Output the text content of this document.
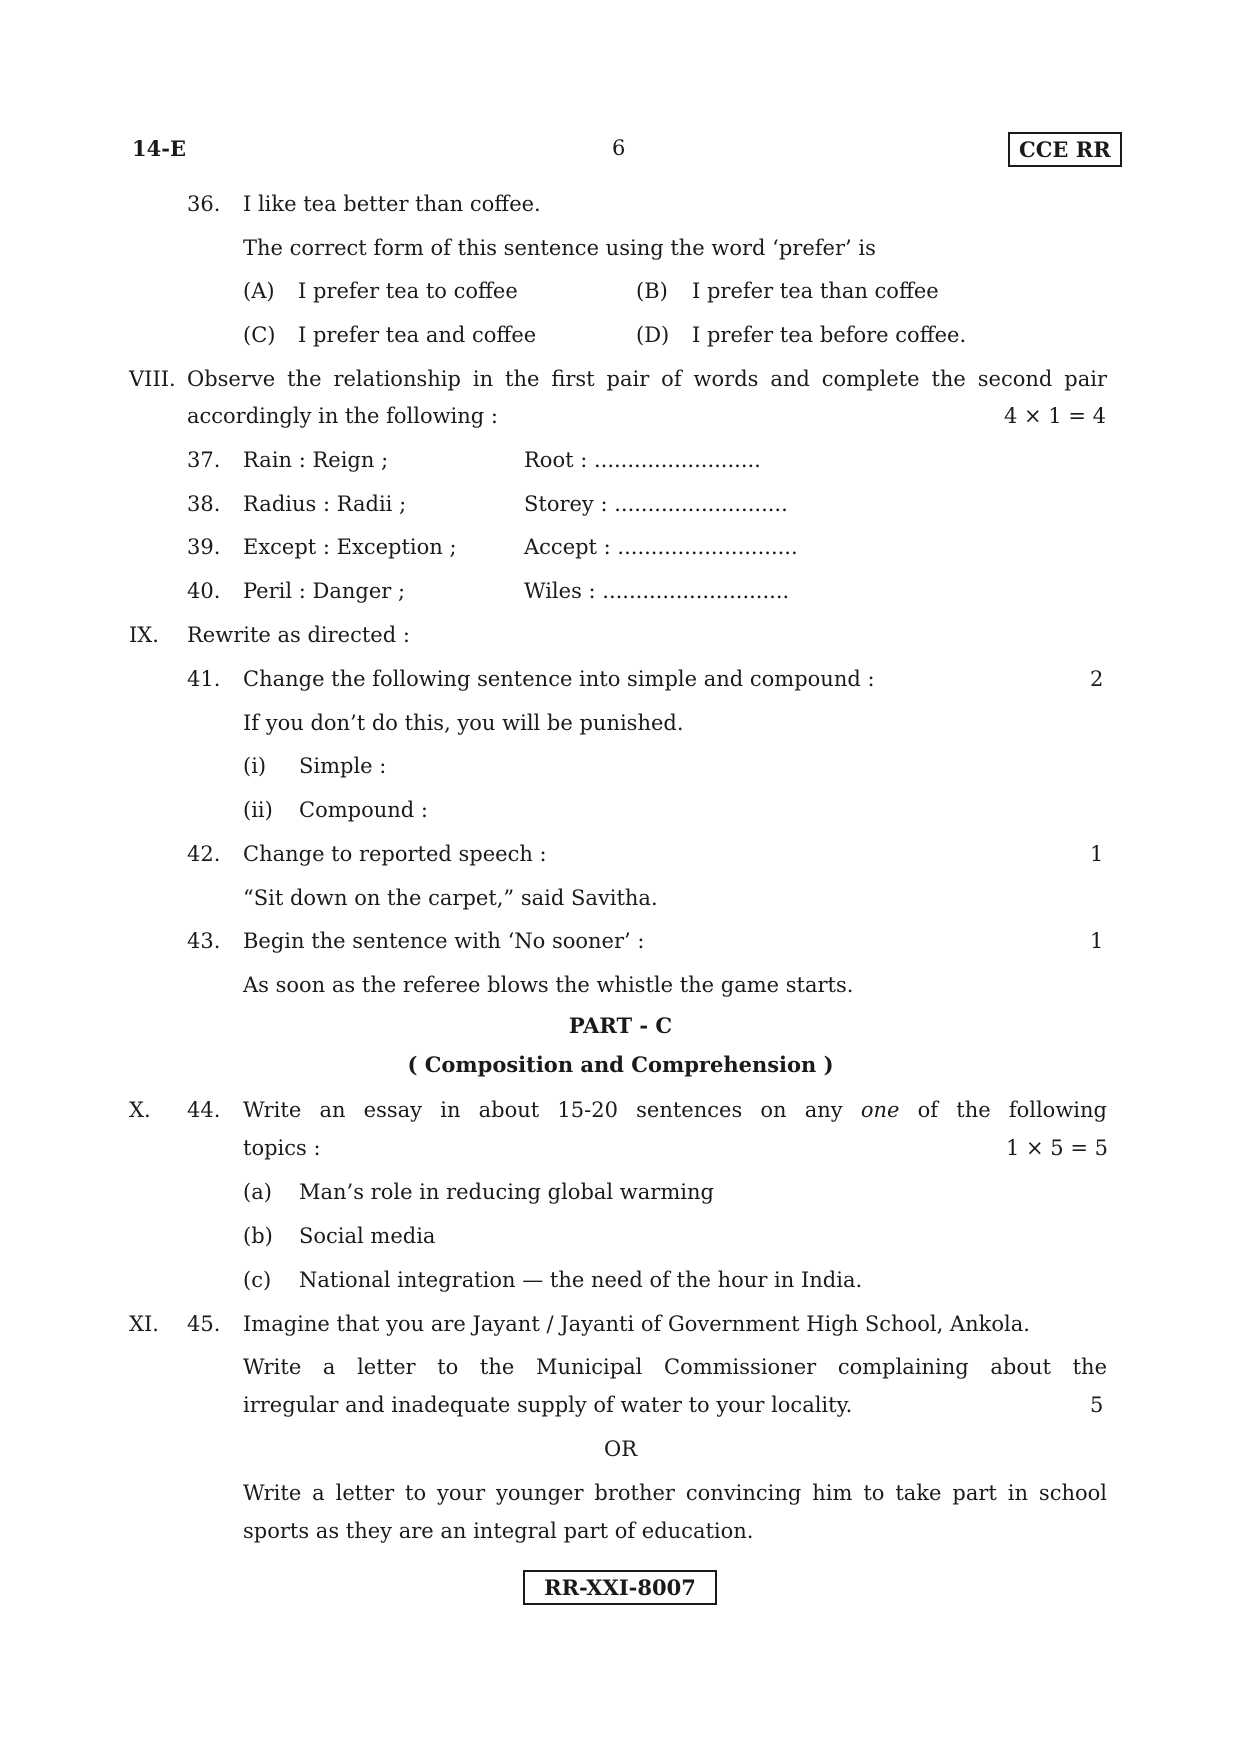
14-E	6	CCE RR
36. I like tea better than coffee.
The correct form of this sentence using the word ‘prefer’ is
(A) I prefer tea to coffee	(B) I prefer tea than coffee
(C) I prefer tea and coffee	(D) I prefer tea before coffee.
VIII. Observe the relationship in the first pair of words and complete the second pair
accordingly in the following :	4 × 1 = 4
37. Rain : Reign ;	Root : .........................
38. Radius : Radii ;	Storey : ..........................
39. Except : Exception ;	Accept : ...........................
40. Peril : Danger ;	Wiles : ............................
IX. Rewrite as directed :
41. Change the following sentence into simple and compound :	2
If you don’t do this, you will be punished.
(i) Simple :
(ii) Compound :
42. Change to reported speech :	1
“Sit down on the carpet,” said Savitha.
43. Begin the sentence with ‘No sooner’ :	1
As soon as the referee blows the whistle the game starts.
PART - C
( Composition and Comprehension )
X. 44. Write an essay in about 15-20 sentences on any one of the following
topics :	1 × 5 = 5
(a) Man’s role in reducing global warming
(b) Social media
(c) National integration — the need of the hour in India.
XI. 45. Imagine that you are Jayant / Jayanti of Government High School, Ankola.
Write a letter to the Municipal Commissioner complaining about the
irregular and inadequate supply of water to your locality.	5
OR
Write a letter to your younger brother convincing him to take part in school
sports as they are an integral part of education.
RR-XXI-8007
